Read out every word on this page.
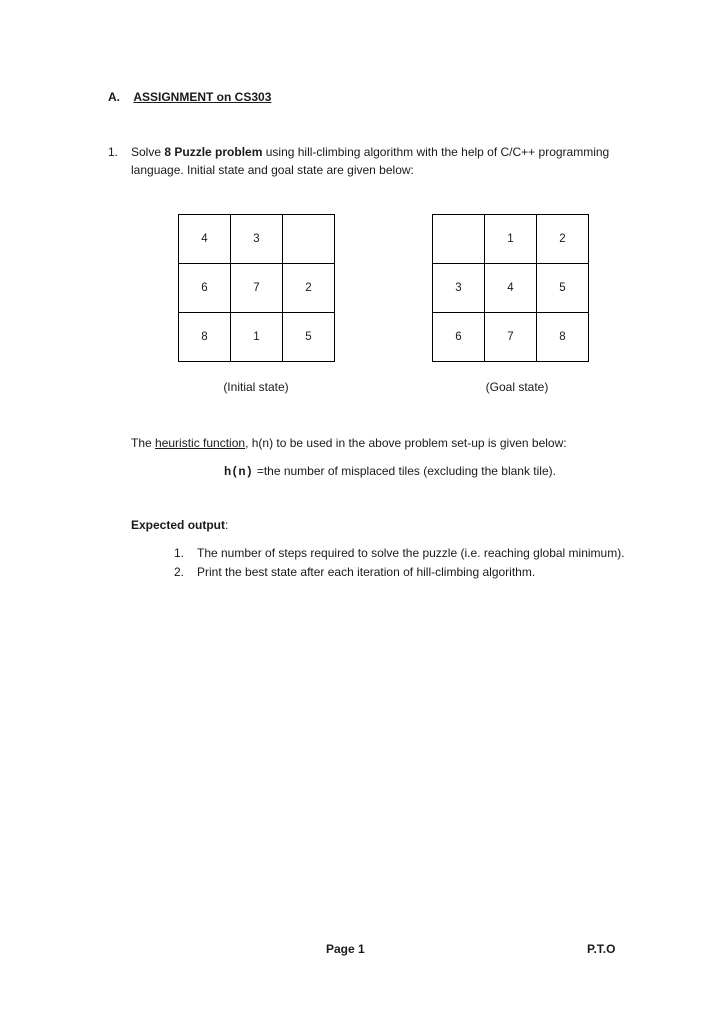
A. ASSIGNMENT on CS303
1. Solve 8 Puzzle problem using hill-climbing algorithm with the help of C/C++ programming
language. Initial state and goal state are given below:
4	3	
6	7	2
8	1	5
	1	2
3	4	5
6	7	8
(Initial state)	(Goal state)
The heuristic function, h(n) to be used in the above problem set-up is given below:
h(n) =the number of misplaced tiles (excluding the blank tile).
Expected output:
1. The number of steps required to solve the puzzle (i.e. reaching global minimum).
2. Print the best state after each iteration of hill-climbing algorithm.
Page 1	P.T.O
